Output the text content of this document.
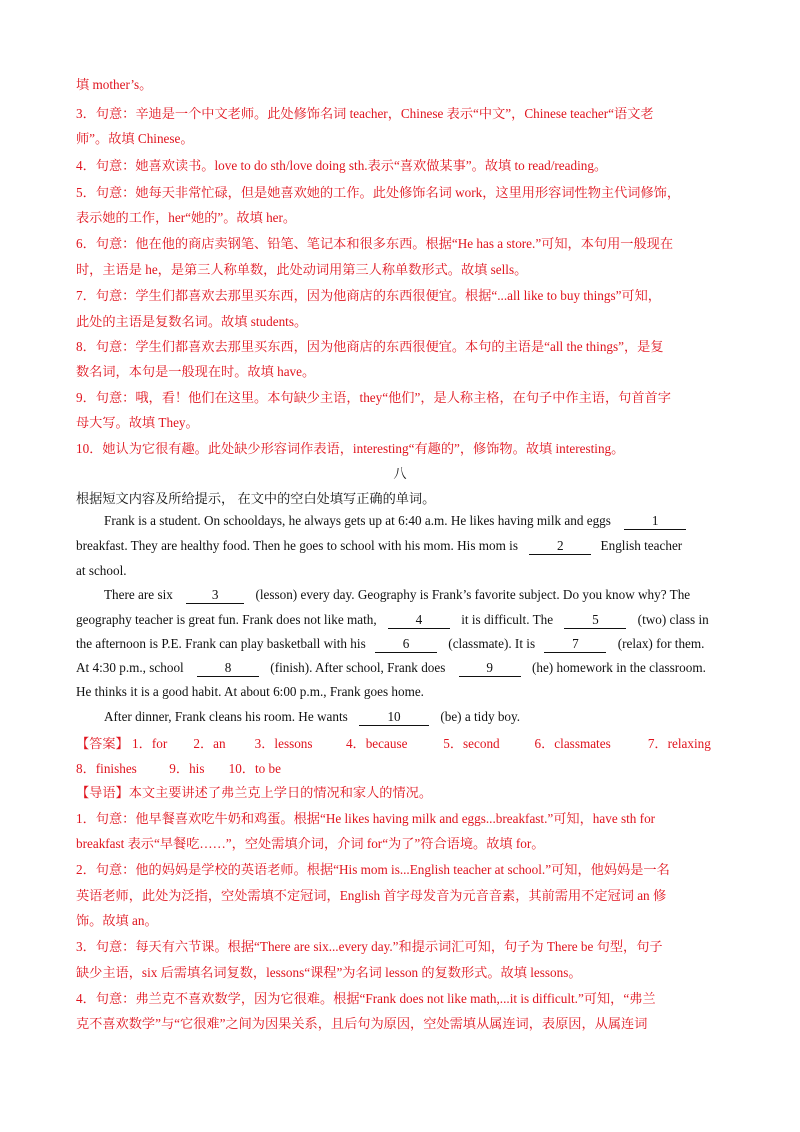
填 mother’s。
3．句意：辛迪是一个中文老师。此处修饰名词 teacher，Chinese 表示“中文”，Chinese teacher“语文老
师”。故填 Chinese。
4．句意：她喜欢读书。love to do sth/love doing sth.表示“喜欢做某事”。故填 to read/reading。
5．句意：她每天非常忙碌，但是她喜欢她的工作。此处修饰名词 work，这里用形容词性物主代词修饰，
表示她的工作，her“她的”。故填 her。
6．句意：他在他的商店卖钢笔、铅笔、笔记本和很多东西。根据“He has a store.”可知，本句用一般现在
时，主语是 he，是第三人称单数，此处动词用第三人称单数形式。故填 sells。
7．句意：学生们都喜欢去那里买东西，因为他商店的东西很便宜。根据“...all like to buy things”可知，
此处的主语是复数名词。故填 students。
8．句意：学生们都喜欢去那里买东西，因为他商店的东西很便宜。本句的主语是“all the things”，是复
数名词，本句是一般现在时。故填 have。
9．句意：哦，看！他们在这里。本句缺少主语，they“他们”，是人称主格，在句子中作主语，句首首字
母大写。故填 They。
10．她认为它很有趣。此处缺少形容词作表语，interesting“有趣的”，修饰物。故填 interesting。
八
根据短文内容及所给提示， 在文中的空白处填写正确的单词。
Frank is a student. On schooldays, he always gets up at 6:40 a.m. He likes having milk and eggs	1
breakfast. They are healthy food. Then he goes to school with his mom. His mom is	2	English teacher
at school.
There are six	3	(lesson) every day. Geography is Frank’s favorite subject. Do you know why? The
geography teacher is great fun. Frank does not like math,	4	it is difficult. The	5	(two) class in
the afternoon is P.E. Frank can play basketball with his	6	(classmate). It is	7	(relax) for them.
At 4:30 p.m., school	8	(finish). After school, Frank does	9	(he) homework in the classroom.
He thinks it is a good habit. At about 6:00 p.m., Frank goes home.
After dinner, Frank cleans his room. He wants	10	(be) a tidy boy.
【答案】 1．for 2．an 3．lessons	4．because	5．second	6．classmates	7．relaxing
8．finishes 9．his 10．to be
【导语】本文主要讲述了弗兰克上学日的情况和家人的情况。
1．句意：他早餐喜欢吃牛奶和鸡蛋。根据“He likes having milk and eggs...breakfast.”可知，have sth for
breakfast 表示“早餐吃……”，空处需填介词，介词 for“为了”符合语境。故填 for。
2．句意：他的妈妈是学校的英语老师。根据“His mom is...English teacher at school.”可知，他妈妈是一名
英语老师，此处为泛指，空处需填不定冠词，English 首字母发音为元音音素，其前需用不定冠词 an 修
饰。故填 an。
3．句意：每天有六节课。根据“There are six...every day.”和提示词汇可知，句子为 There be 句型，句子
缺少主语，six 后需填名词复数，lessons“课程”为名词 lesson 的复数形式。故填 lessons。
4．句意：弗兰克不喜欢数学，因为它很难。根据“Frank does not like math,...it is difficult.”可知，“弗兰
克不喜欢数学”与“它很难”之间为因果关系，且后句为原因，空处需填从属连词，表原因，从属连词
